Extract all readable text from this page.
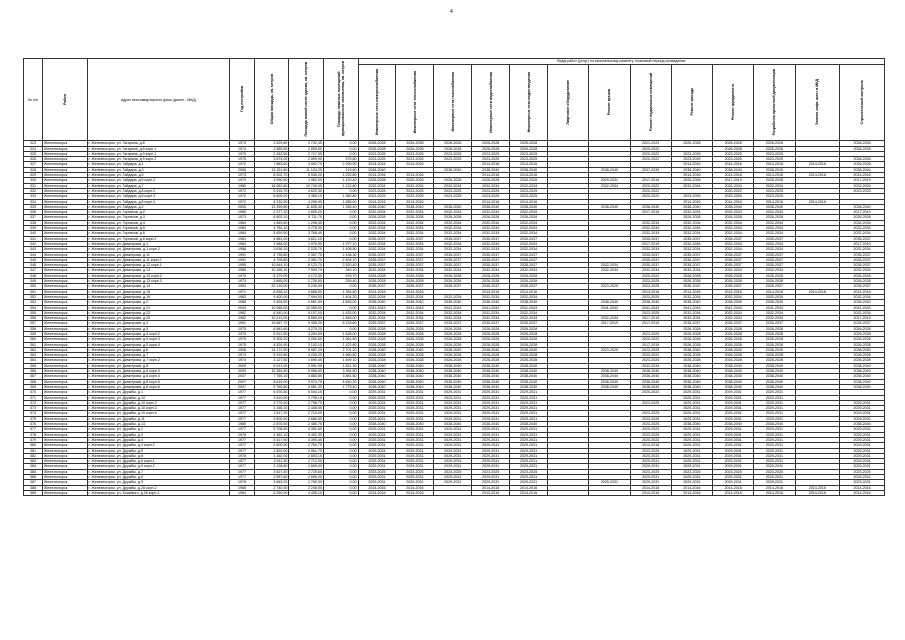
4
№ п/п	Район	Адрес многоквартирного дома (далее - МКД)	Год постройки	Общая площадь, кв. метров	Площадь жилой части здания, кв. метров	Площадь нежилых помещений функционального назначения, кв. метров	Виды работ (услуг) по капитальному ремонту, плановый период проведения												
							Инженерные сети электроснабжения	Инженерные сети теплоснабжения	Инженерные сети газоснабжения	Инженерные сети водоснабжения	Инженерные сети водоотведения	Лифтовое оборудование	Ремонт крыши	Ремонт подвальных помещений	Ремонт фасада	Ремонт фундамента	Разработка проектной документации	Замена лифт. шахт в МКД	Строительный контроль
323	Железногорск	г. Железногорск, ул. Гагарина, д.8	1974	3 529,80	2 702,40	0,00	2026-2028	2026-2028	2026-2028	2026-2028	2026-2028			2021-2023	2026-2028	2026-2028	2026-2028		2026-2028
324	Железногорск	г. Железногорск, ул. Гагарина, д.8 корп.1	1974	3 585,60	2 899,50	0,00	2026-2028	2026-2028	2026-2028	2026-2028	2026-2028			2020-2022		2026-2028	2026-2028		2026-2028
325	Железногорск	г. Железногорск, ул. Гагарина, д.9 корп.1	1975	2 262,50	2 717,90	0,00	2023-2025	2023-2025	2023-2025	2023-2025	2023-2025			2020-2022	2023-2025	2023-2025	2023-2025		
326	Железногорск	г. Железногорск, ул. Гагарина, д.9 корп.2	1975	3 674,00	2 899,90	975,80	2023-2025	2023-2025	2023-2025	2023-2025	2023-2025			2020-2022	2023-2025	2023-2025	2023-2025		2026-2028
327	Железногорск	г. Железногорск, ул. Гайдара, д.1	1972	7 663,60	3 902,70	2 290,90	2014-2016	2014-2016		2014-2016	2014-2016				2014-2016	2014-2016	2014-2016	2014-2016	2026-2028
328	Железногорск	г. Железногорск, ул. Гайдара, д.3	2006	13 151,80	11 124,20	119,60	2038-2040		2038-2040	2038-2040	2038-2040		2038-2040	2037-2039	2038-2040	2038-2040	2038-2040		2038-2040
329	Железногорск	г. Железногорск, ул. Гайдара, д.5	1973	8 002,70	3 945,20	1 292,80	2014-2016	2014-2016		2014-2016	2014-2016				2014-2016	2014-2016	2014-2016	2014-2016	2014-2016
330	Железногорск	г. Железногорск, ул. Гайдара, д.6 корп.2	1973	3 090,60	1 962,00	1 120,40	2026-2028	2026-2028	2026-2028	2026-2028	2026-2028		2029-2031	2017-2019	2026-2028	2017-2019	2026-2028		2017-2019
331	Железногорск	г. Железногорск, ул. Гайдара, д.7	1980	16 062,60	10 740,00	1 122,80	2032-2034	2032-2034	2032-2034	2032-2034	2032-2034		2032-2034	2020-2022	2032-2034	2032-2034	2032-2034		2032-2034
332	Железногорск	г. Железногорск, ул. Гайдара, д.8 корп.2	1972	5 915,70	4 620,30	0,00	2023-2025	2023-2025	2023-2025	2023-2025	2023-2025			2020-2022		2020-2022	2023-2025		2023-2025
333	Железногорск	г. Железногорск, ул. Гайдара, д.8 корп.3	1972	8 609,20	4 366,10	1 360,80	2023-2025	2023-2025	2023-2025	2023-2025	2023-2025			2020-2022	2023-2025	2023-2025	2023-2025		
334	Железногорск	г. Железногорск, ул. Гайдара, д.8 корп.4	1972	8 232,90	4 296,90	1 655,00	2014-2016	2014-2016		2014-2016	2014-2016				2014-2016	2014-2016	2014-2016	2014-2016	
335	Железногорск	г. Железногорск, ул. Гайдара, д.2	2005	13 399,80	11 605,40	1 285,40	2038-2040	2038-2040	2038-2040	2038-2040	2038-2040		2038-2040	2038-2040	2038-2040	2038-2040	2038-2040		2038-2040
336	Железногорск	г. Железногорск, ул. Горняков, д.2	1965	2 377,10	1 805,20	0,00	2032-2034	2032-2034	2032-2034	2032-2034	2032-2034			2017-2019	2032-2034	2032-2034	2032-2034		2017-2019
337	Железногорск	г. Железногорск, ул. Горняков, д.3	1973	6 803,10	5 711,70	0,00	2026-2028	2026-2028	2026-2028	2026-2028	2026-2028				2026-2028	2026-2028	2026-2028		2026-2028
338	Железногорск	г. Железногорск, ул. Горняков, д.4	1984	1 849,60	1 298,30	0,00	2032-2034	2032-2034	2032-2034	2032-2034	2032-2034			2032-2034	2032-2034	2032-2034	2032-2034		2032-2034
339	Железногорск	г. Железногорск, ул. Горняков, д.5	1983	4 754,10	3 776,30	0,00	2032-2034	2032-2034	2032-2034	2032-2034	2032-2034			2032-2034	2032-2034	2032-2034	2032-2034		2032-2034
340	Железногорск	г. Железногорск, ул. Горняков, д.6	1984	5 639,50	3 768,40	0,00	2032-2034	2032-2034	2032-2034	2032-2034	2032-2034			2032-2034	2032-2034	2032-2034	2032-2034		2032-2034
341	Железногорск	г. Железногорск, ул. Горняков, д.6 корп.2	1981	4 581,00	3 621,10	0,00	2035-2037	2035-2037	2035-2037	2035-2037	2035-2037			2035-2037	2035-2037	2035-2037	2035-2037		2035-2037
342	Железногорск	г. Железногорск, ул. Димитрова, д.1	1964	3 988,00	1 970,90	1 977,10	2032-2034	2032-2034	2032-2034	2032-2034	2032-2034			2017-2019	2032-2034	2032-2034	2032-2034		2017-2019
343	Железногорск	г. Железногорск, ул. Димитрова, д.1 корп.2	1986	3 636,10	2 225,70	1 408,50	2032-2034	2032-2034	2032-2034	2032-2034	2032-2034			2032-2034	2032-2034	2032-2034	2032-2034		2032-2034
344	Железногорск	г. Железногорск, ул. Димитрова, д.11	1991	4 735,80	2 357,70	2 438,30	2035-2037	2035-2037	2035-2037	2035-2037	2035-2037			2035-2037	2035-2037	2035-2037	2035-2037		2035-2037
345	Железногорск	г. Железногорск, ул. Димитрова, д.11 корп.2	1991	4 795,80	2 391,70	2 404,10	2035-2037	2035-2037	2035-2037	2035-2037	2035-2037			2035-2037	2035-2037	2035-2037	2035-2037		2035-2037
346	Железногорск	г. Железногорск, ул. Димитрова, д.12 корп.1	1995	10 644,10	8 123,70	2 520,40	2035-2037	2035-2037	2035-2037	2035-2037	2035-2037		2032-2034	2035-2037	2035-2037	2035-2037	2035-2037		2035-2037
347	Железногорск	г. Железногорск, ул. Димитрова, д.13	1985	10 155,10	7 993,70	340,10	2032-2034	2032-2034	2032-2034	2032-2034	2032-2034		2032-2034	2032-2034	2032-2034	2032-2034	2032-2034		2032-2034
348	Железногорск	г. Железногорск, ул. Димитрова, д.13 корп.2	1973	5 179,00	4 172,30	976,70	2026-2028	2026-2028	2026-2028	2026-2028	2026-2028			2020-2022	2026-2028	2026-2028	2026-2028		2026-2028
349	Железногорск	г. Железногорск, ул. Димитрова, д.13 корп.3	1973	3 865,00	2 726,60	339,40	2026-2028	2026-2028	2026-2028	2026-2028	2026-2028			2023-2025	2026-2028	2026-2028	2026-2028		2026-2028
350	Железногорск	г. Железногорск, ул. Димитрова, д.14	1993	20 139,00	9 249,50	0,00	2035-2037	2035-2037	2035-2037	2035-2037	2035-2037		2023-2025	2023-2025	2035-2037	2035-2037	2035-2037		2035-2037
351	Железногорск	г. Железногорск, ул. Димитрова, д.15	1971	6 838,10	4 688,50	1 354,60	2014-2016	2014-2016		2014-2016	2014-2016			2014-2016	2014-2016	2014-2016	2014-2016	2014-2016	2014-2016
352	Железногорск	г. Железногорск, ул. Димитрова, д.19	1983	9 400,00	7 994,00	1 404,20	2032-2034	2032-2034	2032-2034	2032-2034	2032-2034			2023-2025	2032-2034	2032-2034	2032-2034		2032-2034
353	Железногорск	г. Железногорск, ул. Димитрова, д.2	1988	9 494,50	4 661,50	4 833,00	2038-2040	2038-2040	2038-2040	2038-2040	2038-2040		2038-2040	2038-2040	2038-2040	2038-2040	2038-2040		2038-2040
354	Железногорск	г. Железногорск, ул. Димитрова, д.21	2004	10 065,00	10 065,00	0,00	2041-2043	2041-2043	2041-2043	2041-2043	2041-2043		2041-2043	2041-2043	2041-2043	2041-2043	2041-2043		2041-2043
355	Железногорск	г. Железногорск, ул. Димитрова, д.23	1982	6 540,00	5 107,00	1 433,00	2032-2034	2032-2034	2032-2034	2032-2034	2032-2034			2023-2025	2032-2034	2032-2034	2032-2034		2032-2034
356	Железногорск	г. Железногорск, ул. Димитрова, д.25	1982	10 413,00	8 565,00	1 848,00	2032-2034	2032-2034	2032-2034	2032-2034	2032-2034		2032-2034	2017-2019	2032-2034	2032-2034	2032-2034		2017-2019
357	Железногорск	г. Железногорск, ул. Димитрова, д.3	1991	19 667,70	9 358,20	8 129,60	2035-2037	2035-2037	2035-2037	2035-2037	2035-2037		2017-2019	2017-2019	2035-2037	2035-2037	2035-2037		2035-2037
358	Железногорск	г. Железногорск, ул. Димитрова, д.5	1975	6 581,60	4 279,20	0,00	2026-2028	2026-2028	2026-2028	2026-2028	2026-2028				2026-2028	2026-2028	2026-2028		2026-2028
359	Железногорск	г. Железногорск, ул. Димитрова, д.5 корп.2	1975	5 912,50	4 284,50	1 628,00	2026-2028	2026-2028	2026-2028	2026-2028	2026-2028			2023-2025	2026-2028	2026-2028	2026-2028		2026-2028
360	Железногорск	г. Железногорск, ул. Димитрова, д.5 корп.3	1975	5 305,20	3 250,60	1 961,50	2026-2028	2026-2028	2026-2028	2026-2028	2026-2028			2020-2022	2026-2028	2026-2028	2026-2028		2026-2028
361	Железногорск	г. Железногорск, ул. Димитрова, д.5 корп.4	1975	4 524,90	3 102,10	1 422,80	2026-2028	2026-2028	2026-2028	2026-2028	2026-2028			2017-2019	2026-2028	2026-2028	2026-2028		2026-2028
362	Железногорск	г. Железногорск, ул. Димитрова, д.6	1996	14 172,50	8 987,20	2 701,20	2038-2040	2038-2040	2038-2040	2038-2040	2038-2040		2023-2025	2023-2025	2038-2040	2038-2040	2038-2040		2038-2040
363	Железногорск	г. Железногорск, ул. Димитрова, д.7	1974	5 919,80	4 239,20	1 680,60	2026-2028	2026-2028	2026-2028	2026-2028	2026-2028			2020-2022	2026-2028	2026-2028	2026-2028		2026-2028
364	Железногорск	г. Железногорск, ул. Димитрова, д.7 корп.2	1974	3 127,50	1 690,40	1 499,10	2026-2028	2026-2028	2026-2028	2026-2028	2026-2028			2023-2025	2026-2028	2026-2028	2026-2028		2026-2028
365	Железногорск	г. Железногорск, ул. Димитрова, д.8	2009	6 013,00	2 991,00	1 821,30	2038-2040	2038-2040	2038-2040	2038-2040	2038-2040			2032-2034	2038-2040	2038-2040	2038-2040		2038-2040
366	Железногорск	г. Железногорск, ул. Димитрова, д.8 корп.3	2009	10 364,50	5 996,00	3 394,50	2038-2040	2038-2040	2038-2040	2038-2040	2038-2040		2038-2040	2038-2040	2038-2040	2038-2040	2038-2040		2038-2040
367	Железногорск	г. Железногорск, ул. Димитрова, д.8 корп.4	2007	7 765,10	3 883,50	3 881,60	2038-2040	2038-2040	2038-2040	2038-2040	2038-2040		2038-2040	2038-2040	2038-2040	2038-2040	2038-2040		2038-2040
368	Железногорск	г. Железногорск, ул. Димитрова, д.8 корп.5	2007	8 615,00	3 974,70	4 640,30	2038-2040	2038-2040	2038-2040	2038-2040	2038-2040		2038-2040	2038-2040	2038-2040	2038-2040	2038-2040		2038-2040
369	Железногорск	г. Железногорск, ул. Димитрова, д.8 корп.6	2007	9 760,80	4 981,30	4 779,40	2038-2040	2038-2040	2038-2040	2038-2040	2038-2040		2038-2040	2038-2040	2038-2040	2038-2040	2038-2040		2038-2040
370	Железногорск	г. Железногорск, ул. Дружбы, д.1	1977	6 576,50	5 544,10	0,00	2029-2031	2029-2031	2029-2031	2029-2031	2029-2031			2020-2022	2029-2031	2029-2031	2029-2031		
371	Железногорск	г. Железногорск, ул. Дружбы, д.10	1977	3 510,00	2 795,10	0,00	2029-2031	2029-2031	2029-2031	2029-2031	2029-2031				2029-2031	2029-2031	2029-2031		
372	Железногорск	г. Железногорск, ул. Дружбы, д.10 корп.2	1977	3 770,00	2 798,70	0,00	2029-2031	2029-2031	2029-2031	2029-2031	2029-2031			2023-2025	2029-2031	2029-2031	2029-2031		2029-2031
373	Железногорск	г. Железногорск, ул. Дружбы, д.10 корп.3	1977	3 165,10	2 448,50	0,00	2029-2031	2029-2031	2029-2031	2029-2031	2029-2031				2029-2031	2029-2031	2029-2031		2029-2031
374	Железногорск	г. Железногорск, ул. Дружбы, д.10 корп.4	1977	3 517,20	2 715,00	0,00	2029-2031	2029-2031	2029-2031	2029-2031	2029-2031			2023-2025	2029-2031	2029-2031	2029-2031		2029-2031
375	Железногорск	г. Железногорск, ул. Дружбы, д.11	1977	3 600,00	2 680,50	0,00	2029-2031	2029-2031	2029-2031	2029-2031	2029-2031			2023-2025	2029-2031	2029-2031	2029-2031		2029-2031
376	Железногорск	г. Железногорск, ул. Дружбы, д.13	1985	2 875,50	2 485,70	0,00	2038-2040	2038-2040	2038-2040	2038-2040	2038-2040			2023-2025	2038-2040	2038-2040	2038-2040		2038-2040
377	Железногорск	г. Железногорск, ул. Дружбы, д.2	1977	5 708,50	4 352,60	0,00	2029-2031	2029-2031	2029-2031	2029-2031	2029-2031			2020-2022	2029-2031	2029-2031	2029-2031		2029-2031
378	Железногорск	г. Железногорск, ул. Дружбы, д.3	1976	4 362,10	3 402,30	0,00	2029-2031	2029-2031	2029-2031	2029-2031	2029-2031			2023-2025	2029-2031	2029-2031	2029-2031		2029-2031
379	Железногорск	г. Железногорск, ул. Дружбы, д.4	1977	5 417,90	4 390,40	0,00	2029-2031	2029-2031	2029-2031	2029-2031	2029-2031			2020-2022	2029-2031	2029-2031	2029-2031		2029-2031
380	Железногорск	г. Железногорск, ул. Дружбы, д.4 корп.2	1977	3 800,00	2 784,70	0,00	2029-2031	2029-2031	2029-2031	2029-2031	2029-2031			2014-2016	2029-2031	2029-2031	2029-2031		2029-2031
381	Железногорск	г. Железногорск, ул. Дружбы, д.5	1977	2 820,00	2 061,70	0,00	2029-2031	2029-2031	2029-2031	2029-2031	2029-2031			2023-2025	2029-2031	2029-2031	2029-2031		2029-2031
382	Железногорск	г. Железногорск, ул. Дружбы, д.6	1978	3 162,00	2 653,10	0,00	2029-2031	2029-2031	2029-2031	2029-2031	2029-2031			2020-2022	2029-2031	2029-2031	2029-2031		2029-2031
383	Железногорск	г. Железногорск, ул. Дружбы, д.6 корп.1	1977	3 511,90	2 712,00	0,00	2029-2031	2029-2031	2029-2031	2029-2031	2029-2031			2029-2031	2029-2031	2029-2031	2029-2031		2029-2031
384	Железногорск	г. Железногорск, ул. Дружбы, д.6 корп.2	1977	3 138,80	2 669,40	0,00	2029-2031	2029-2031	2029-2031	2029-2031	2029-2031			2029-2031	2029-2031	2029-2031	2029-2031		2029-2031
385	Железногорск	г. Железногорск, ул. Дружбы, д.7	1977	3 627,40	2 725,60	0,00	2023-2025	2023-2025	2023-2025	2023-2025	2023-2025			2023-2025	2023-2025	2023-2025	2023-2025		2023-2025
386	Железногорск	г. Железногорск, ул. Дружбы, д.8	1977	3 557,60	2 696,00	0,00	2029-2031	2029-2031	2029-2031	2029-2031	2029-2031			2029-2031	2029-2031	2029-2031	2029-2031		2029-2031
387	Железногорск	г. Железногорск, ул. Дружбы, д.9	1978	3 663,20	2 765,30	0,00	2029-2031	2029-2031	2029-2031	2029-2031	2029-2031		2029-2031	2029-2031	2029-2031	2029-2031	2029-2031		2029-2031
388	Железногорск	г. Железногорск, ул. Дружбы, д.28 корп.2	1968	2 740,00	2 248,50	0,00	2014-2016	2014-2016		2014-2016	2014-2016			2014-2016	2014-2016	2014-2016	2014-2016	2014-2016	2014-2016
389	Железногорск	г. Железногорск, ул. Кошевого, д.26 корп.2	1964	5 290,00	4 406,10	0,00	2014-2016	2014-2016		2014-2016	2014-2016			2014-2016	2014-2016	2014-2016	2014-2016	2014-2016	2014-2016
